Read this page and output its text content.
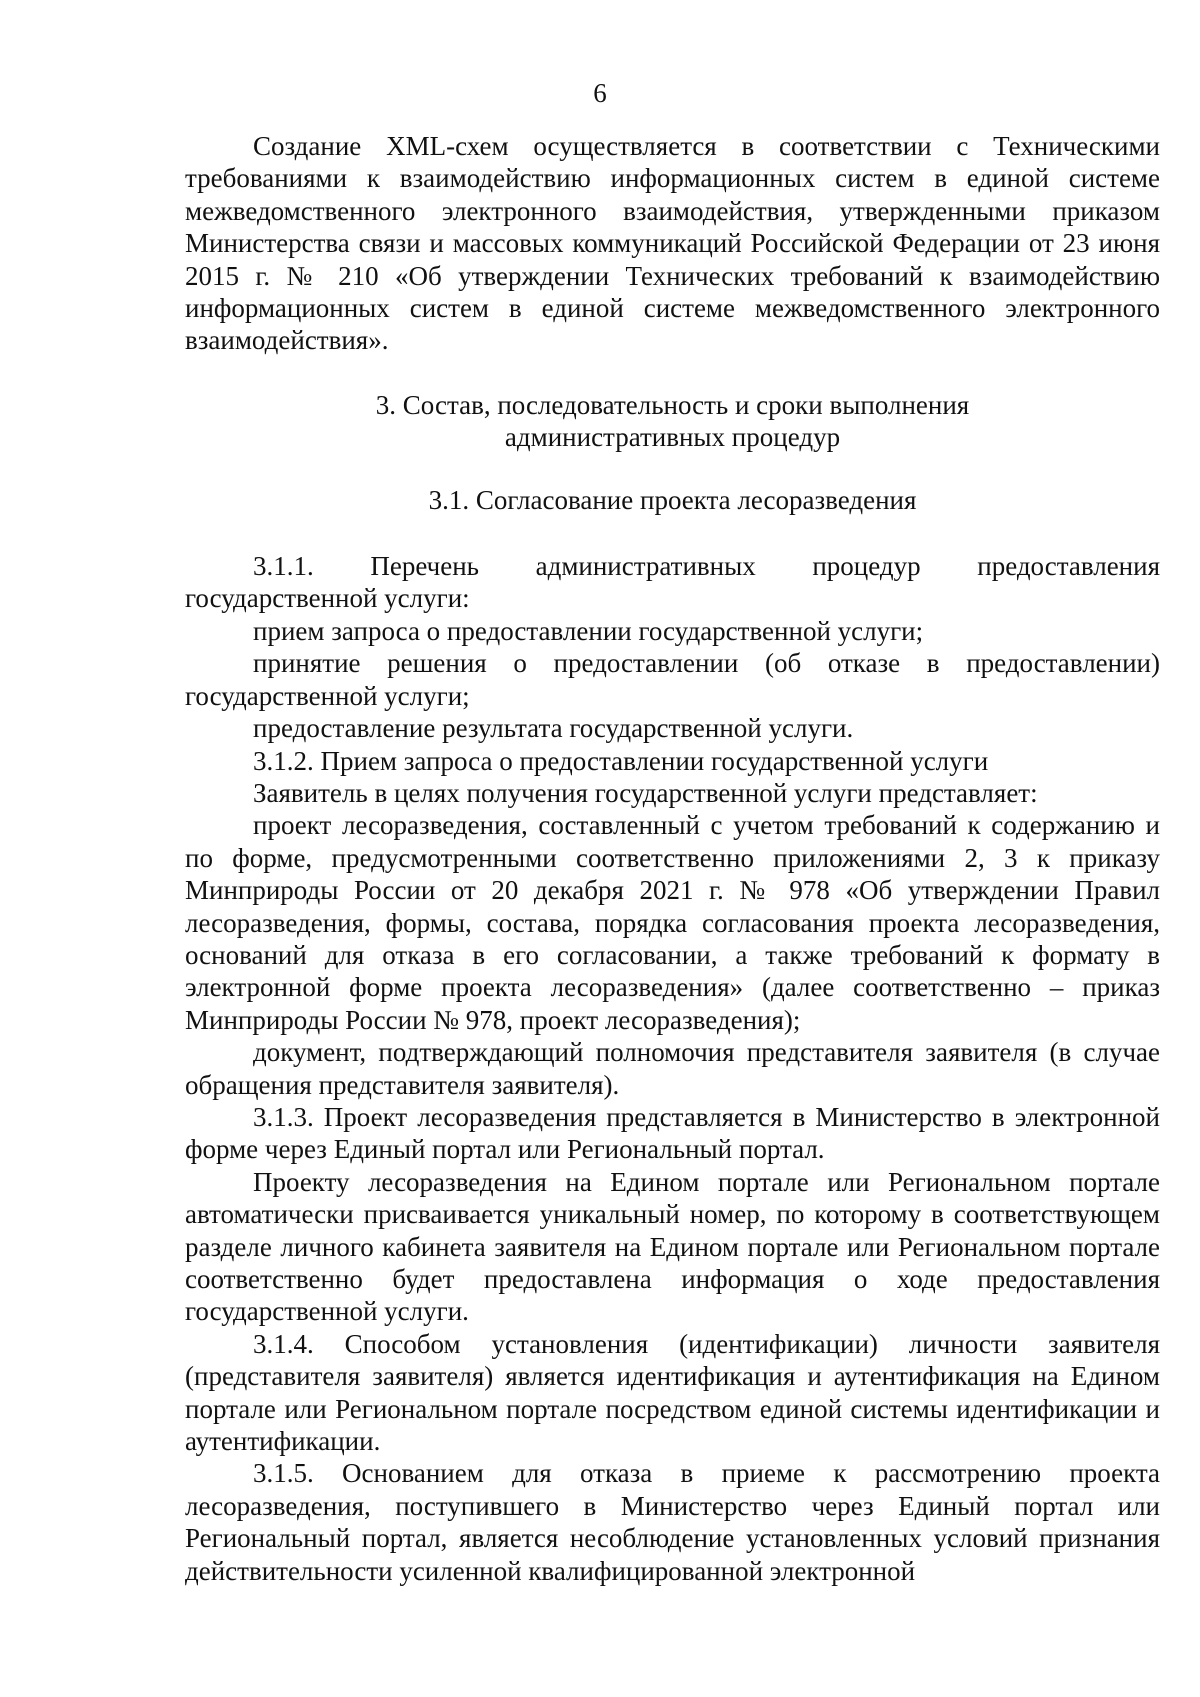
6

Создание XML-схем осуществляется в соответствии с Техническими требованиями к взаимодействию информационных систем в единой системе межведомственного электронного взаимодействия, утвержденными приказом Министерства связи и массовых коммуникаций Российской Федерации от 23 июня 2015 г. № 210 «Об утверждении Технических требований к взаимодействию информационных систем в единой системе межведомственного электронного взаимодействия».

3. Состав, последовательность и сроки выполнения

административных процедур

3.1. Согласование проекта лесоразведения

3.1.1. Перечень административных процедур предоставления

государственной услуги:

прием запроса о предоставлении государственной услуги;

принятие решения о предоставлении (об отказе в предоставлении) государственной услуги;

предоставление результата государственной услуги.

3.1.2. Прием запроса о предоставлении государственной услуги

Заявитель в целях получения государственной услуги представляет:

проект лесоразведения, составленный с учетом требований к содержанию и по форме, предусмотренными соответственно приложениями 2, 3 к приказу Минприроды России от 20 декабря 2021 г. № 978 «Об утверждении Правил лесоразведения, формы, состава, порядка согласования проекта лесоразведения, оснований для отказа в его согласовании, а также требований к формату в электронной форме проекта лесоразведения» (далее соответственно – приказ Минприроды России № 978, проект лесоразведения);

документ, подтверждающий полномочия представителя заявителя (в случае обращения представителя заявителя).

3.1.3. Проект лесоразведения представляется в Министерство в электронной форме через Единый портал или Региональный портал.

Проекту лесоразведения на Едином портале или Региональном портале автоматически присваивается уникальный номер, по которому в соответствующем разделе личного кабинета заявителя на Едином портале или Региональном портале соответственно будет предоставлена информация о ходе предоставления государственной услуги.

3.1.4. Способом установления (идентификации) личности заявителя (представителя заявителя) является идентификация и аутентификация на Едином портале или Региональном портале посредством единой системы идентификации и аутентификации.

3.1.5. Основанием для отказа в приеме к рассмотрению проекта лесоразведения, поступившего в Министерство через Единый портал или Региональный портал, является несоблюдение установленных условий признания действительности усиленной квалифицированной электронной
